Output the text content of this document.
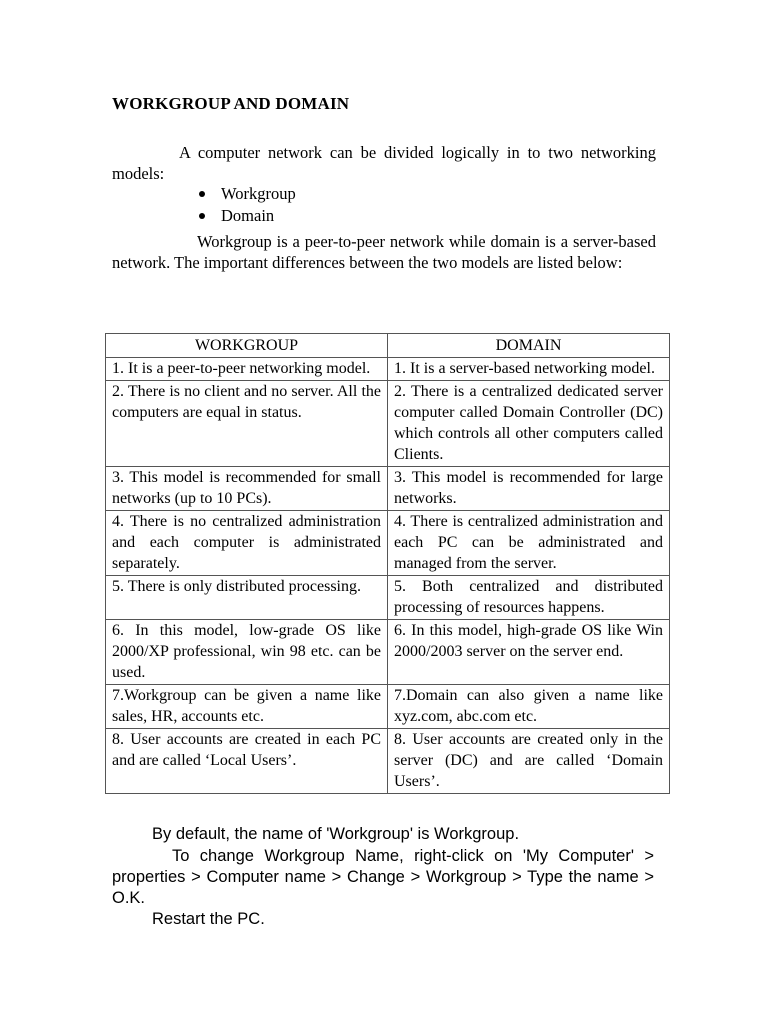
WORKGROUP AND DOMAIN
A computer network can be divided logically in to two networking models:
Workgroup
Domain
Workgroup is a peer-to-peer network while domain is a server-based network. The important differences between the two models are listed below:
WORKGROUP	DOMAIN
1. It is a peer-to-peer networking model.	1. It is a server-based networking model.
2. There is no client and no server. All the computers are equal in status.	2. There is a centralized dedicated server computer called Domain Controller (DC) which controls all other computers called Clients.
3. This model is recommended for small networks (up to 10 PCs).	3. This model is recommended for large networks.
4. There is no centralized administration and each computer is administrated separately.	4. There is centralized administration and each PC can be administrated and managed from the server.
5. There is only distributed processing.	5. Both centralized and distributed processing of resources happens.
6. In this model, low-grade OS like 2000/XP professional, win 98 etc. can be used.	6. In this model, high-grade OS like Win 2000/2003 server on the server end.
7.Workgroup can be given a name like sales, HR, accounts etc.	7.Domain can also given a name like xyz.com, abc.com etc.
8. User accounts are created in each PC and are called ‘Local Users’.	8. User accounts are created only in the server (DC) and are called ‘Domain Users’.
By default, the name of 'Workgroup' is Workgroup.
To change Workgroup Name, right-click on 'My Computer' > properties > Computer name > Change > Workgroup > Type the name > O.K.
Restart the PC.
